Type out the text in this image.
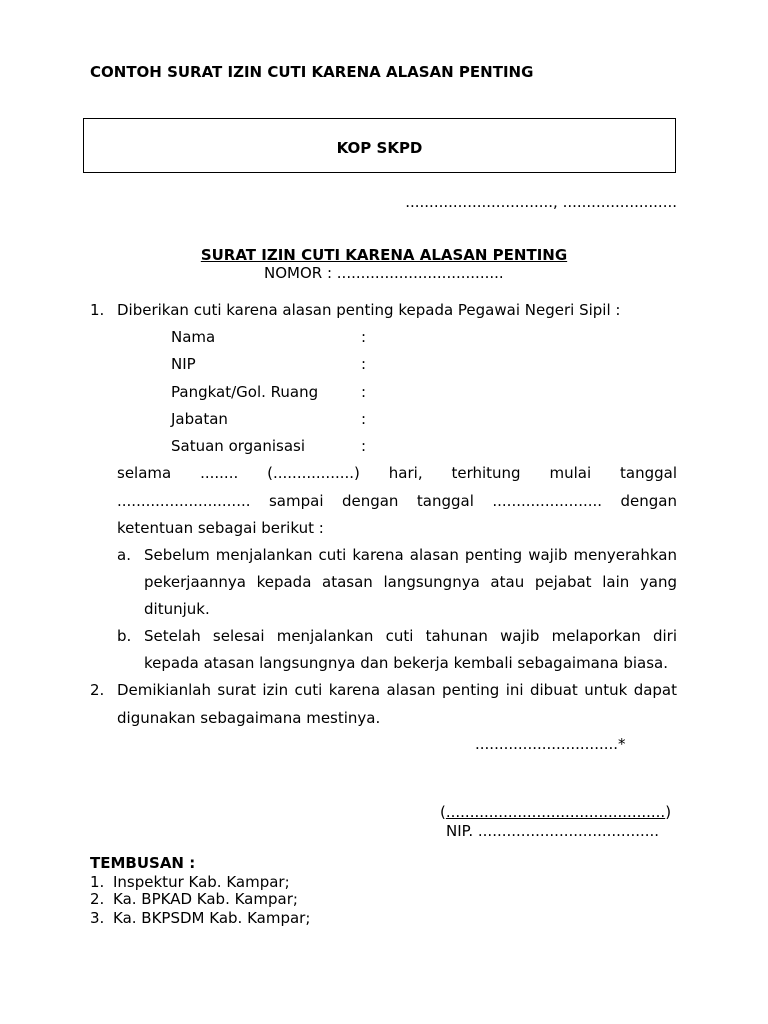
CONTOH SURAT IZIN CUTI KARENA ALASAN PENTING
KOP SKPD
..............................., ........................
SURAT IZIN CUTI KARENA ALASAN PENTING
NOMOR : ...................................
1. Diberikan cuti karena alasan penting kepada Pegawai Negeri Sipil :
Nama	:
NIP	:
Pangkat/Gol. Ruang	:
Jabatan	:
Satuan organisasi	:
selama ........ (.................) hari, terhitung mulai tanggal
............................ sampai dengan tanggal ....................... dengan
ketentuan sebagai berikut :
a. Sebelum menjalankan cuti karena alasan penting wajib menyerahkan
pekerjaannya kepada atasan langsungnya atau pejabat lain yang
ditunjuk.
b. Setelah selesai menjalankan cuti tahunan wajib melaporkan diri
kepada atasan langsungnya dan bekerja kembali sebagaimana biasa.
2. Demikianlah surat izin cuti karena alasan penting ini dibuat untuk dapat
digunakan sebagaimana mestinya.
..............................*
(..............................................)
NIP. ......................................
TEMBUSAN :
1. Inspektur Kab. Kampar;
2. Ka. BPKAD Kab. Kampar;
3. Ka. BKPSDM Kab. Kampar;
